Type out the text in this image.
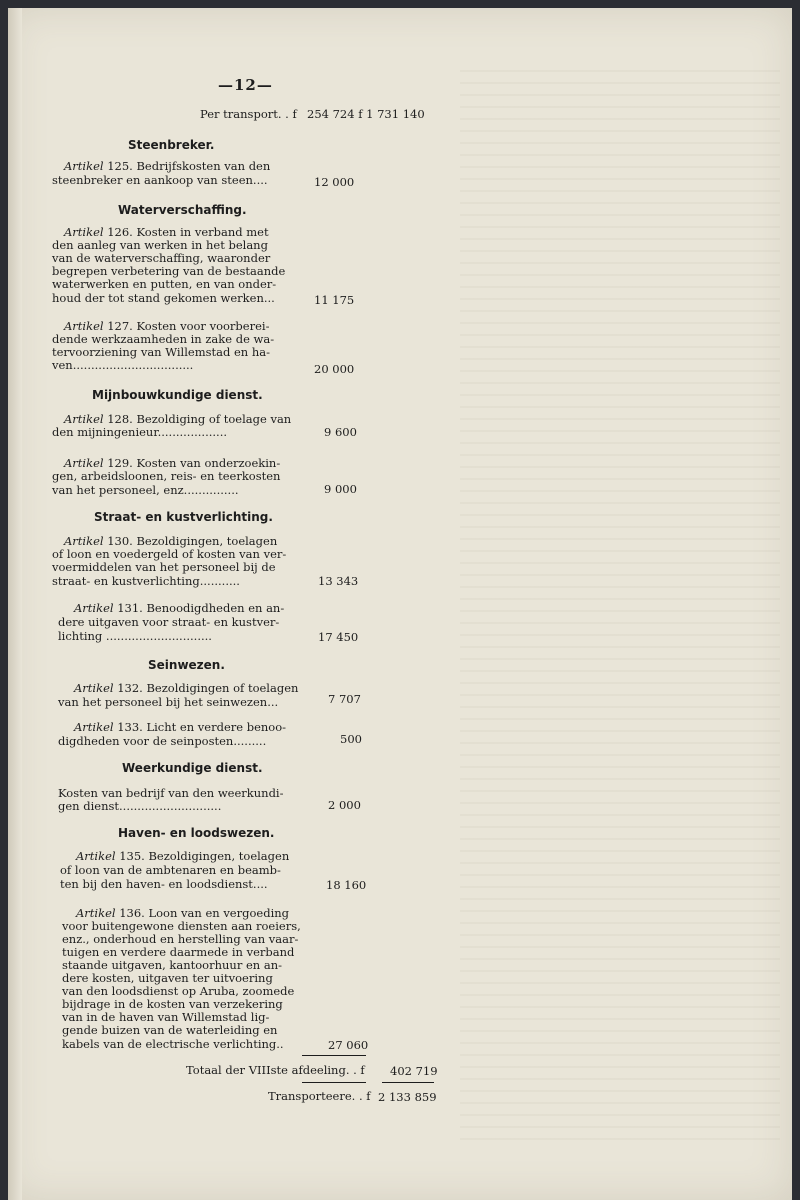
—12—
Per transport. . f 254 724 f 1 731 140
Steenbreker.
Artikel 125. Bedrijfskosten van den
steenbreker en aankoop van steen....	12 000
Waterverschaffing.
Artikel 126. Kosten in verband met
den aanleg van werken in het belang
van de waterverschaffing, waaronder
begrepen verbetering van de bestaande
waterwerken en putten, en van onder-
houd der tot stand gekomen werken...	11 175
Artikel 127. Kosten voor voorberei-
dende werkzaamheden in zake de wa-
tervoorziening van Willemstad en ha-
ven.................................	20 000
Mijnbouwkundige dienst.
Artikel 128. Bezoldiging of toelage van
den mijningenieur...................	9 600
Artikel 129. Kosten van onderzoekin-
gen, arbeidsloonen, reis- en teerkosten
van het personeel, enz...............	9 000
Straat- en kustverlichting.
Artikel 130. Bezoldigingen, toelagen
of loon en voedergeld of kosten van ver-
voermiddelen van het personeel bij de
straat- en kustverlichting...........	13 343
Artikel 131. Benoodigdheden en an-
dere uitgaven voor straat- en kustver-
lichting .............................	17 450
Seinwezen.
Artikel 132. Bezoldigingen of toelagen
van het personeel bij het seinwezen...	7 707
Artikel 133. Licht en verdere benoo-
digdheden voor de seinposten.........	500
Weerkundige dienst.
Kosten van bedrijf van den weerkundi-
gen dienst............................	2 000
Haven- en loodswezen.
Artikel 135. Bezoldigingen, toelagen
of loon van de ambtenaren en beamb-
ten bij den haven- en loodsdienst....	18 160
Artikel 136. Loon van en vergoeding
voor buitengewone diensten aan roeiers,
enz., onderhoud en herstelling van vaar-
tuigen en verdere daarmede in verband
staande uitgaven, kantoorhuur en an-
dere kosten, uitgaven ter uitvoering
van den loodsdienst op Aruba, zoomede
bijdrage in de kosten van verzekering
van in de haven van Willemstad lig-
gende buizen van de waterleiding en
kabels van de electrische verlichting..	27 060
Totaal der VIIIste afdeeling. . f 402 719
Transporteere. . f 2 133 859
